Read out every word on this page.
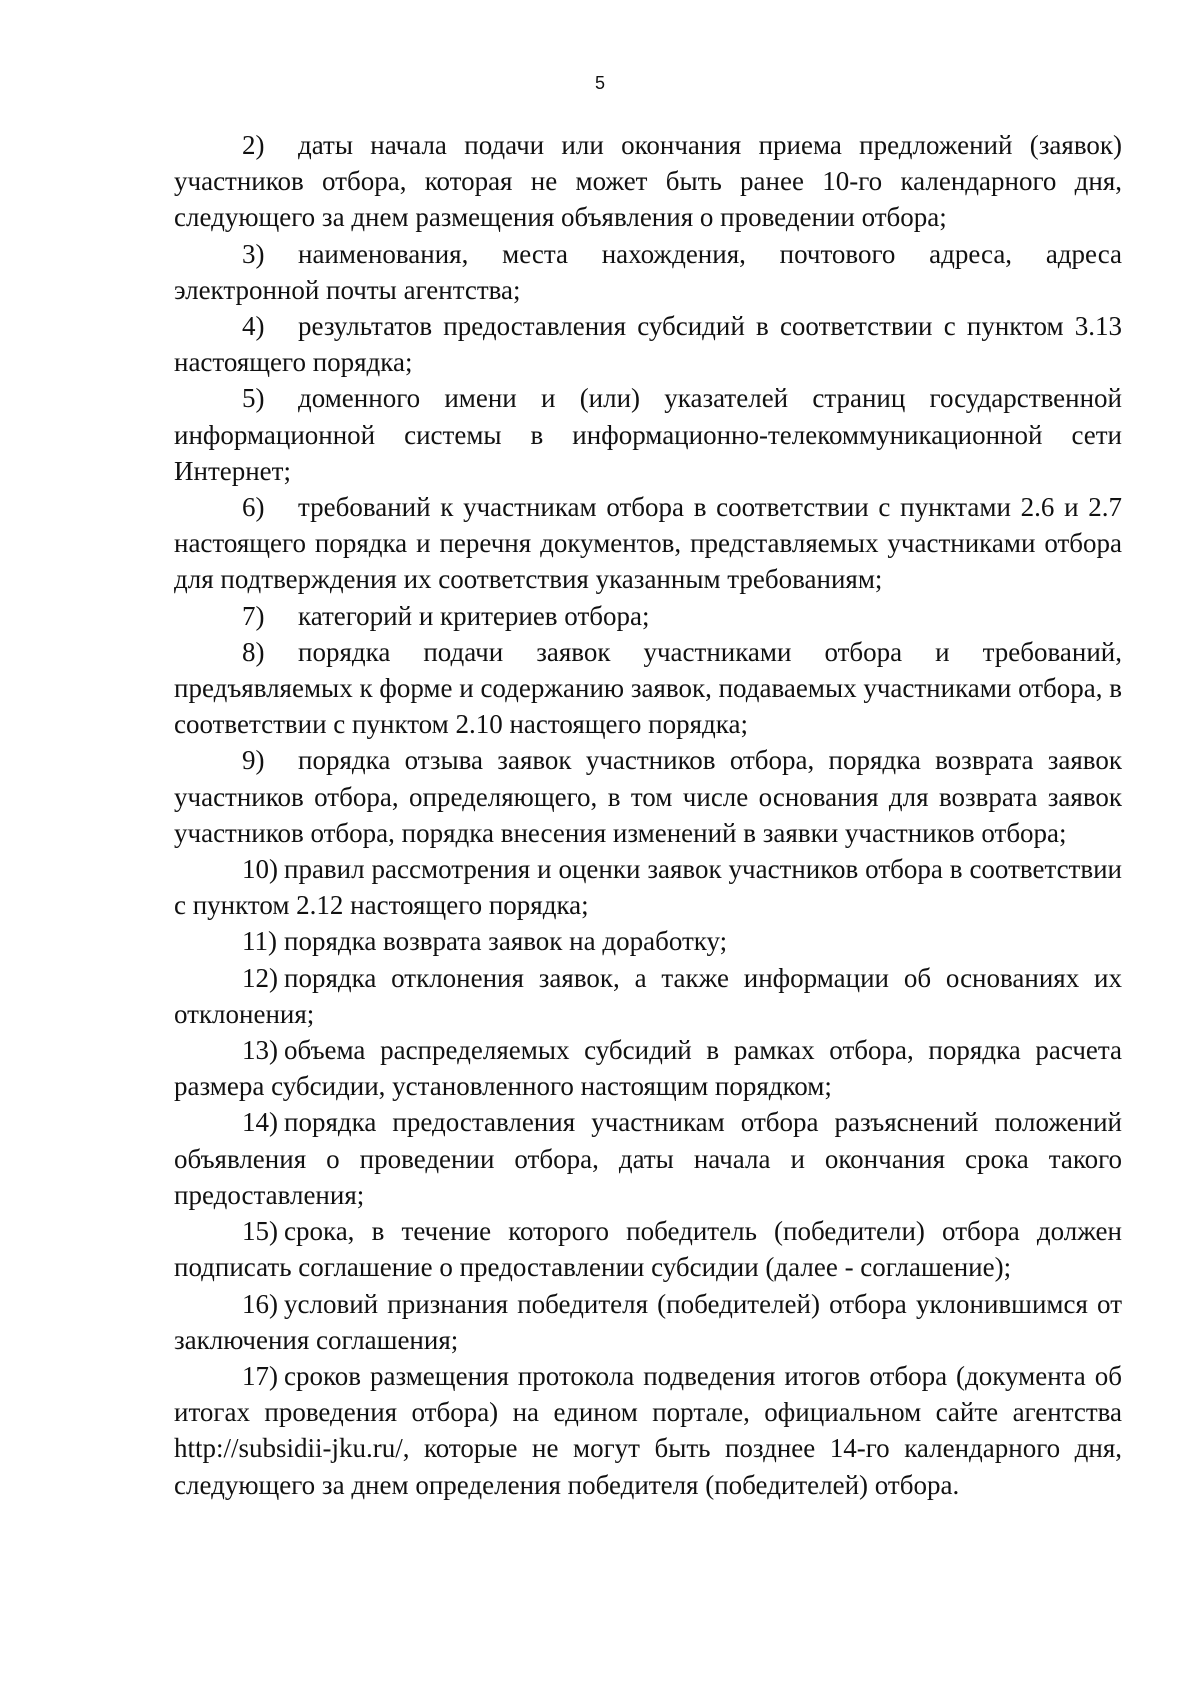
5

2) даты начала подачи или окончания приема предложений (заявок) участников отбора, которая не может быть ранее 10-го календарного дня, следующего за днем размещения объявления о проведении отбора;

3) наименования, места нахождения, почтового адреса, адреса электронной почты агентства;

4) результатов предоставления субсидий в соответствии с пунктом 3.13 настоящего порядка;

5) доменного имени и (или) указателей страниц государственной информационной системы в информационно-телекоммуникационной сети Интернет;

6) требований к участникам отбора в соответствии с пунктами 2.6 и 2.7 настоящего порядка и перечня документов, представляемых участниками отбора для подтверждения их соответствия указанным требованиям;

7) категорий и критериев отбора;

8) порядка подачи заявок участниками отбора и требований, предъявляемых к форме и содержанию заявок, подаваемых участниками отбора, в соответствии с пунктом 2.10 настоящего порядка;

9) порядка отзыва заявок участников отбора, порядка возврата заявок участников отбора, определяющего, в том числе основания для возврата заявок участников отбора, порядка внесения изменений в заявки участников отбора;

10) правил рассмотрения и оценки заявок участников отбора в соответствии с пунктом 2.12 настоящего порядка;

11) порядка возврата заявок на доработку;

12) порядка отклонения заявок, а также информации об основаниях их отклонения;

13) объема распределяемых субсидий в рамках отбора, порядка расчета размера субсидии, установленного настоящим порядком;

14) порядка предоставления участникам отбора разъяснений положений объявления о проведении отбора, даты начала и окончания срока такого предоставления;

15) срока, в течение которого победитель (победители) отбора должен подписать соглашение о предоставлении субсидии (далее - соглашение);

16) условий признания победителя (победителей) отбора уклонившимся от заключения соглашения;

17) сроков размещения протокола подведения итогов отбора (документа об итогах проведения отбора) на едином портале, официальном сайте агентства http://subsidii-jku.ru/, которые не могут быть позднее 14-го календарного дня, следующего за днем определения победителя (победителей) отбора.
